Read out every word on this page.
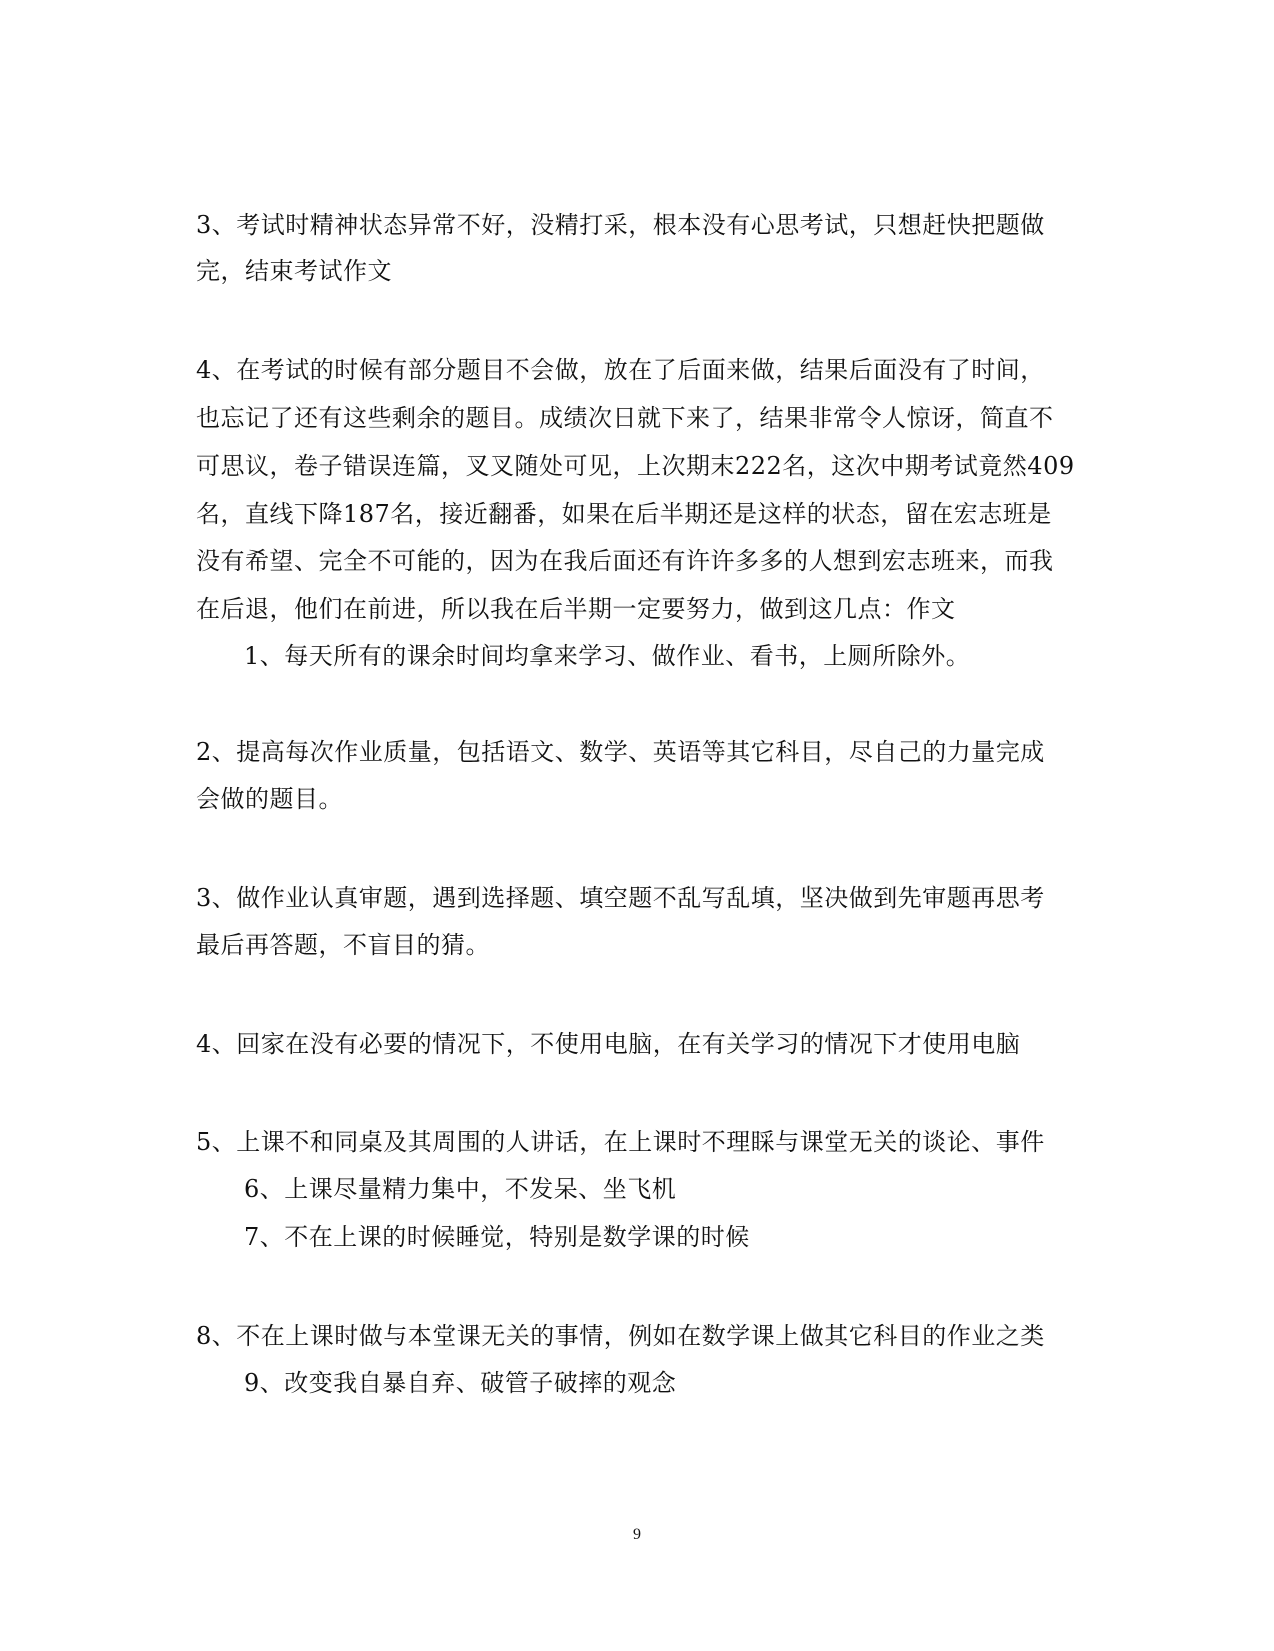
3、考试时精神状态异常不好，没精打采，根本没有心思考试，只想赶快把题做
完，结束考试作文
4、在考试的时候有部分题目不会做，放在了后面来做，结果后面没有了时间，
也忘记了还有这些剩余的题目。成绩次日就下来了，结果非常令人惊讶，简直不
可思议，卷子错误连篇，叉叉随处可见，上次期末222名，这次中期考试竟然409
名，直线下降187名，接近翻番，如果在后半期还是这样的状态，留在宏志班是
没有希望、完全不可能的，因为在我后面还有许许多多的人想到宏志班来，而我
在后退，他们在前进，所以我在后半期一定要努力，做到这几点：作文
1、每天所有的课余时间均拿来学习、做作业、看书，上厕所除外。
2、提高每次作业质量，包括语文、数学、英语等其它科目，尽自己的力量完成
会做的题目。
3、做作业认真审题，遇到选择题、填空题不乱写乱填，坚决做到先审题再思考
最后再答题，不盲目的猜。
4、回家在没有必要的情况下，不使用电脑，在有关学习的情况下才使用电脑
5、上课不和同桌及其周围的人讲话，在上课时不理睬与课堂无关的谈论、事件
6、上课尽量精力集中，不发呆、坐飞机
7、不在上课的时候睡觉，特别是数学课的时候
8、不在上课时做与本堂课无关的事情，例如在数学课上做其它科目的作业之类
9、改变我自暴自弃、破管子破摔的观念
9
